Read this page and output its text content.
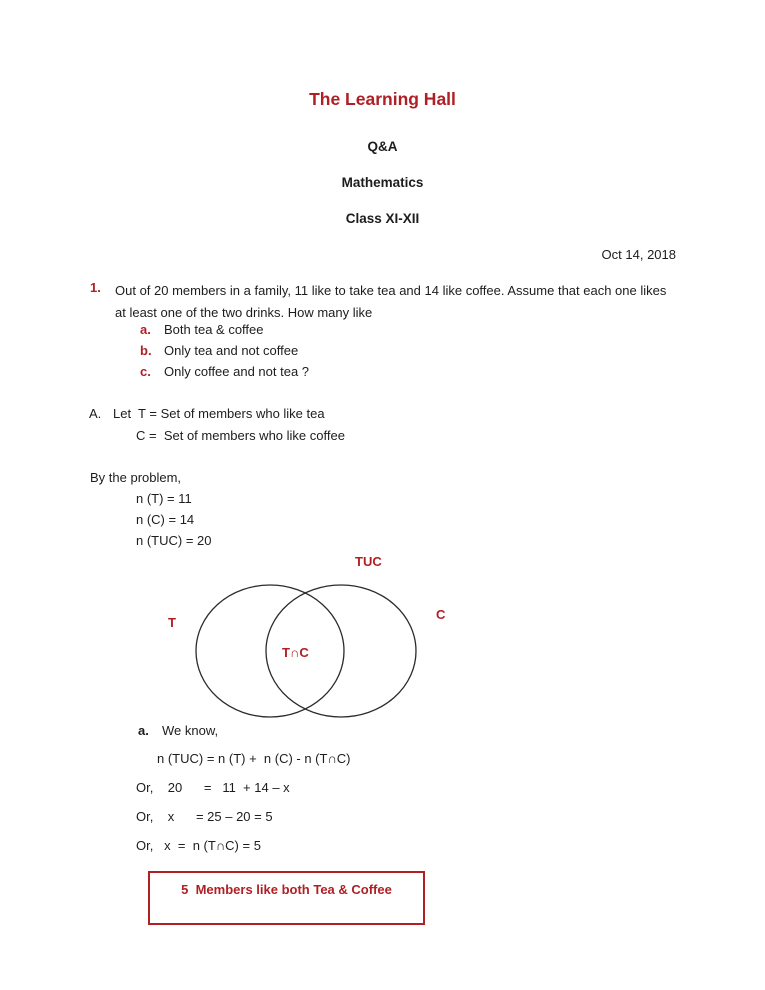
The Learning Hall
Q&A
Mathematics
Class XI-XII
Oct 14, 2018
1. Out of 20 members in a family, 11 like to take tea and 14 like coffee. Assume that each one likes at least one of the two drinks. How many like
a. Both tea & coffee
b. Only tea and not coffee
c. Only coffee and not tea ?
A. Let  T = Set of members who like tea
C =  Set of members who like coffee
By the problem,
n (T) = 11
n (C) = 14
n (TUC) = 20
TUC
T
C
T∩C
a. We know,
n (TUC) = n (T) +  n (C) - n (T∩C)
Or,    20      =   11  + 14 – x
Or,    x      = 25 – 20 = 5
Or,   x  =  n (T∩C) = 5
5  Members like both Tea & Coffee
